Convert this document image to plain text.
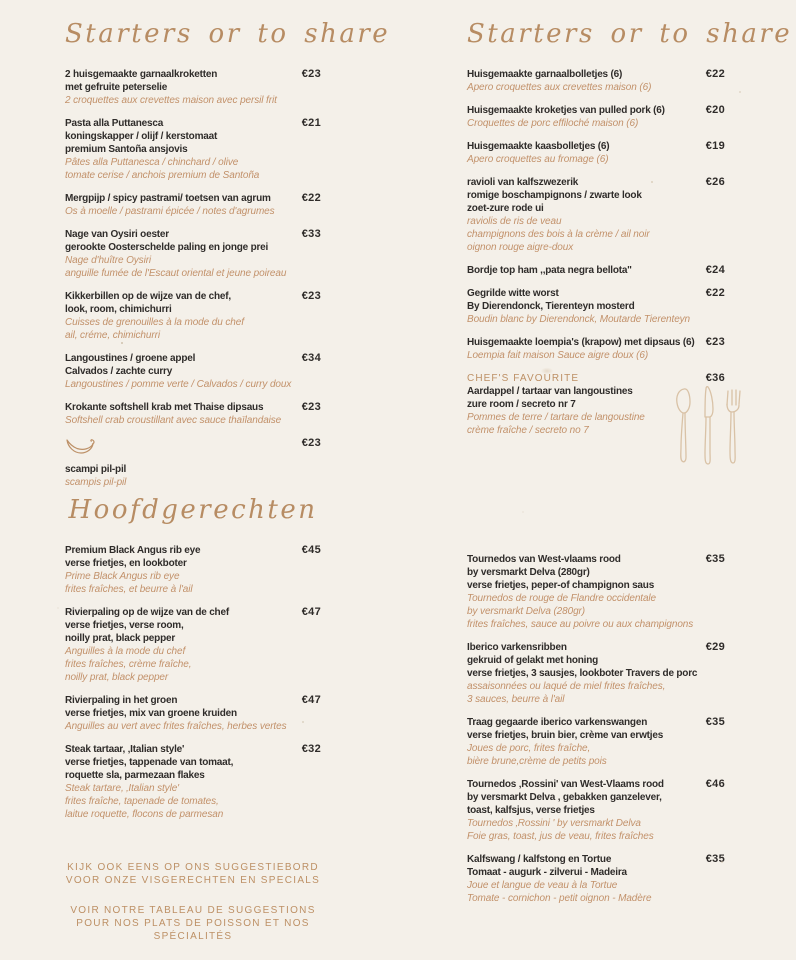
Starters or to share
2 huisgemaakte garnaalkroketten
met gefruite peterselie
2 croquettes aux crevettes maison avec persil frit
€23
Pasta alla Puttanesca
koningskapper / olijf / kerstomaat
premium Santoña ansjovis
Pâtes alla Puttanesca / chinchard / olive
tomate cerise / anchois premium de Santoña
€21
Mergpijp / spicy pastrami/ toetsen van agrum
Os à moelle / pastrami épicée / notes d'agrumes
€22
Nage van Oysiri oester
gerookte Oosterschelde paling en jonge prei
Nage d'huître Oysiri
anguille fumée de l'Escaut oriental et jeune poireau
€33
Kikkerbillen op de wijze van de chef,
look, room, chimichurri
Cuisses de grenouilles à la mode du chef
ail, créme, chimichurri
€23
Langoustines / groene appel
Calvados / zachte curry
Langoustines / pomme verte / Calvados / curry doux
€34
Krokante softshell krab met Thaise dipsaus
Softshell crab croustillant avec sauce thaïlandaise
€23
scampi pil-pil
scampis pil-pil
€23
Starters or to share
Huisgemaakte garnaalbolletjes (6)
Apero croquettes aux crevettes maison (6)
€22
Huisgemaakte kroketjes van pulled pork (6)
Croquettes de porc effiloché maison (6)
€20
Huisgemaakte kaasbolletjes (6)
Apero croquettes au fromage (6)
€19
ravioli van kalfszwezerik
romige boschampignons / zwarte look
zoet-zure rode ui
raviolis de ris de veau
champignons des bois à la crème / ail noir
oignon rouge aigre-doux
€26
Bordje top ham ,,pata negra bellota''	€24
Gegrilde witte worst
By Dierendonck, Tierenteyn mosterd
Boudin blanc by Dierendonck, Moutarde Tierenteyn
€22
Huisgemaakte loempia's (krapow) met dipsaus (6)
Loempia fait maison Sauce aigre doux (6)
€23
CHEF'S FAVOURITE
Aardappel / tartaar van langoustines
zure room / secreto nr 7
Pommes de terre / tartare de langoustine
crème fraîche / secreto no 7
€36
Hoofdgerechten
Premium Black Angus rib eye
verse frietjes, en lookboter
Prime Black Angus rib eye
frites fraîches, et beurre à l'ail
€45
Rivierpaling op de wijze van de chef
verse frietjes, verse room,
noilly prat, black pepper
Anguilles à la mode du chef
frites fraîches, crème fraîche,
noilly prat, black pepper
€47
Rivierpaling in het groen
verse frietjes, mix van groene kruiden
Anguilles au vert avec frites fraîches, herbes vertes
€47
Steak tartaar, ‚Italian style'
verse frietjes, tappenade van tomaat,
roquette sla, parmezaan flakes
Steak tartare, ‚Italian style'
frites fraîche, tapenade de tomates,
laitue roquette, flocons de parmesan
€32

KIJK OOK EENS OP ONS SUGGESTIEBORD
VOOR ONZE VISGERECHTEN EN SPECIALS

VOIR NOTRE TABLEAU DE SUGGESTIONS
POUR NOS PLATS DE POISSON ET NOS SPÉCIALITÉS

Tournedos van West-vlaams rood
by versmarkt Delva (280gr)
verse frietjes, peper-of champignon saus
Tournedos de rouge de Flandre occidentale
by versmarkt Delva (280gr)
frites fraîches, sauce au poivre ou aux champignons
€35
Iberico varkensribben
gekruid of gelakt met honing
verse frietjes, 3 sausjes, lookboter Travers de porc
assaisonnées ou laqué de miel frites fraîches,
3 sauces, beurre à l'ail
€29
Traag gegaarde iberico varkenswangen
verse frietjes, bruin bier, crème van erwtjes
Joues de porc, frites fraîche,
bière brune,crème de petits pois
€35
Tournedos ‚Rossini' van West-Vlaams rood
by versmarkt Delva , gebakken ganzelever,
toast, kalfsjus, verse frietjes
Tournedos ‚Rossini ' by versmarkt Delva
Foie gras, toast, jus de veau, frites fraîches
€46
Kalfswang / kalfstong en Tortue
Tomaat - augurk - zilverui - Madeira
Joue et langue de veau à la Tortue
Tomate - cornichon - petit oignon - Madère
€35
